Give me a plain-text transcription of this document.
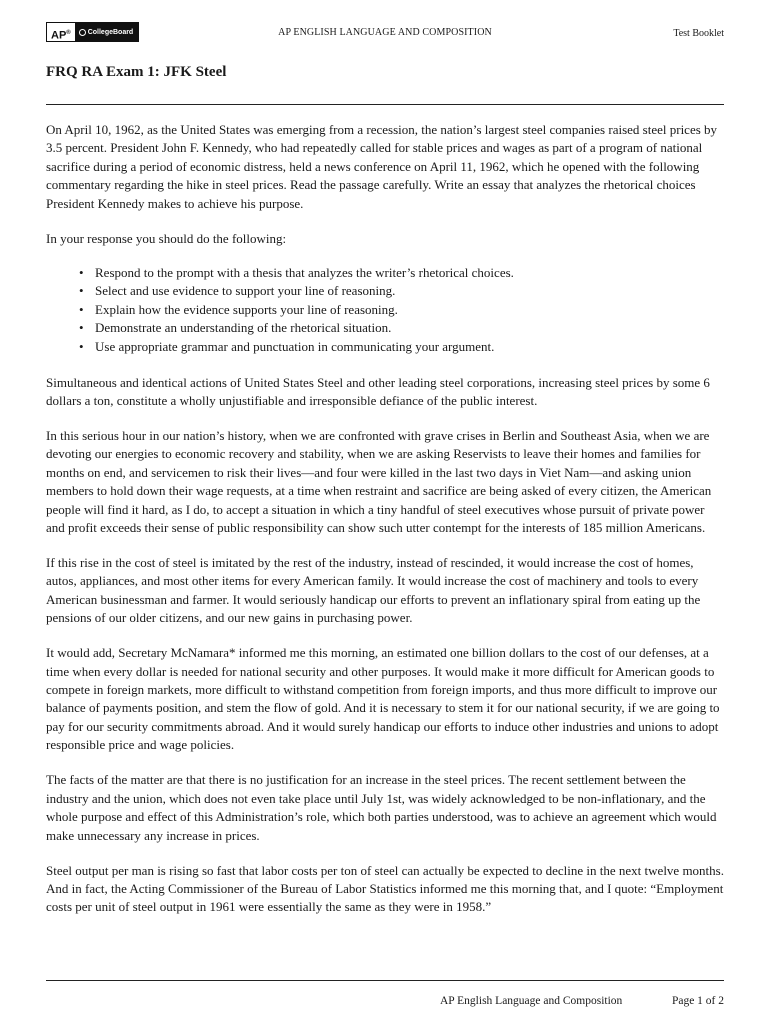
AP®	CollegeBoard	AP ENGLISH LANGUAGE AND COMPOSITION	Test Booklet
FRQ RA Exam 1: JFK Steel

On April 10, 1962, as the United States was emerging from a recession, the nation’s largest steel companies raised steel prices by 3.5 percent. President John F. Kennedy, who had repeatedly called for stable prices and wages as part of a program of national sacrifice during a period of economic distress, held a news conference on April 11, 1962, which he opened with the following commentary regarding the hike in steel prices. Read the passage carefully. Write an essay that analyzes the rhetorical choices President Kennedy makes to achieve his purpose.

In your response you should do the following:

• Respond to the prompt with a thesis that analyzes the writer’s rhetorical choices.
• Select and use evidence to support your line of reasoning.
• Explain how the evidence supports your line of reasoning.
• Demonstrate an understanding of the rhetorical situation.
• Use appropriate grammar and punctuation in communicating your argument.

Simultaneous and identical actions of United States Steel and other leading steel corporations, increasing steel prices by some 6 dollars a ton, constitute a wholly unjustifiable and irresponsible defiance of the public interest.

In this serious hour in our nation’s history, when we are confronted with grave crises in Berlin and Southeast Asia, when we are devoting our energies to economic recovery and stability, when we are asking Reservists to leave their homes and families for months on end, and servicemen to risk their lives—and four were killed in the last two days in Viet Nam—and asking union members to hold down their wage requests, at a time when restraint and sacrifice are being asked of every citizen, the American people will find it hard, as I do, to accept a situation in which a tiny handful of steel executives whose pursuit of private power and profit exceeds their sense of public responsibility can show such utter contempt for the interests of 185 million Americans.

If this rise in the cost of steel is imitated by the rest of the industry, instead of rescinded, it would increase the cost of homes, autos, appliances, and most other items for every American family. It would increase the cost of machinery and tools to every American businessman and farmer. It would seriously handicap our efforts to prevent an inflationary spiral from eating up the pensions of our older citizens, and our new gains in purchasing power.

It would add, Secretary McNamara* informed me this morning, an estimated one billion dollars to the cost of our defenses, at a time when every dollar is needed for national security and other purposes. It would make it more difficult for American goods to compete in foreign markets, more difficult to withstand competition from foreign imports, and thus more difficult to improve our balance of payments position, and stem the flow of gold. And it is necessary to stem it for our national security, if we are going to pay for our security commitments abroad. And it would surely handicap our efforts to induce other industries and unions to adopt responsible price and wage policies.

The facts of the matter are that there is no justification for an increase in the steel prices. The recent settlement between the industry and the union, which does not even take place until July 1st, was widely acknowledged to be non-inflationary, and the whole purpose and effect of this Administration’s role, which both parties understood, was to achieve an agreement which would make unnecessary any increase in prices.

Steel output per man is rising so fast that labor costs per ton of steel can actually be expected to decline in the next twelve months. And in fact, the Acting Commissioner of the Bureau of Labor Statistics informed me this morning that, and I quote: “Employment costs per unit of steel output in 1961 were essentially the same as they were in 1958.”

AP English Language and Composition	Page 1 of 2
